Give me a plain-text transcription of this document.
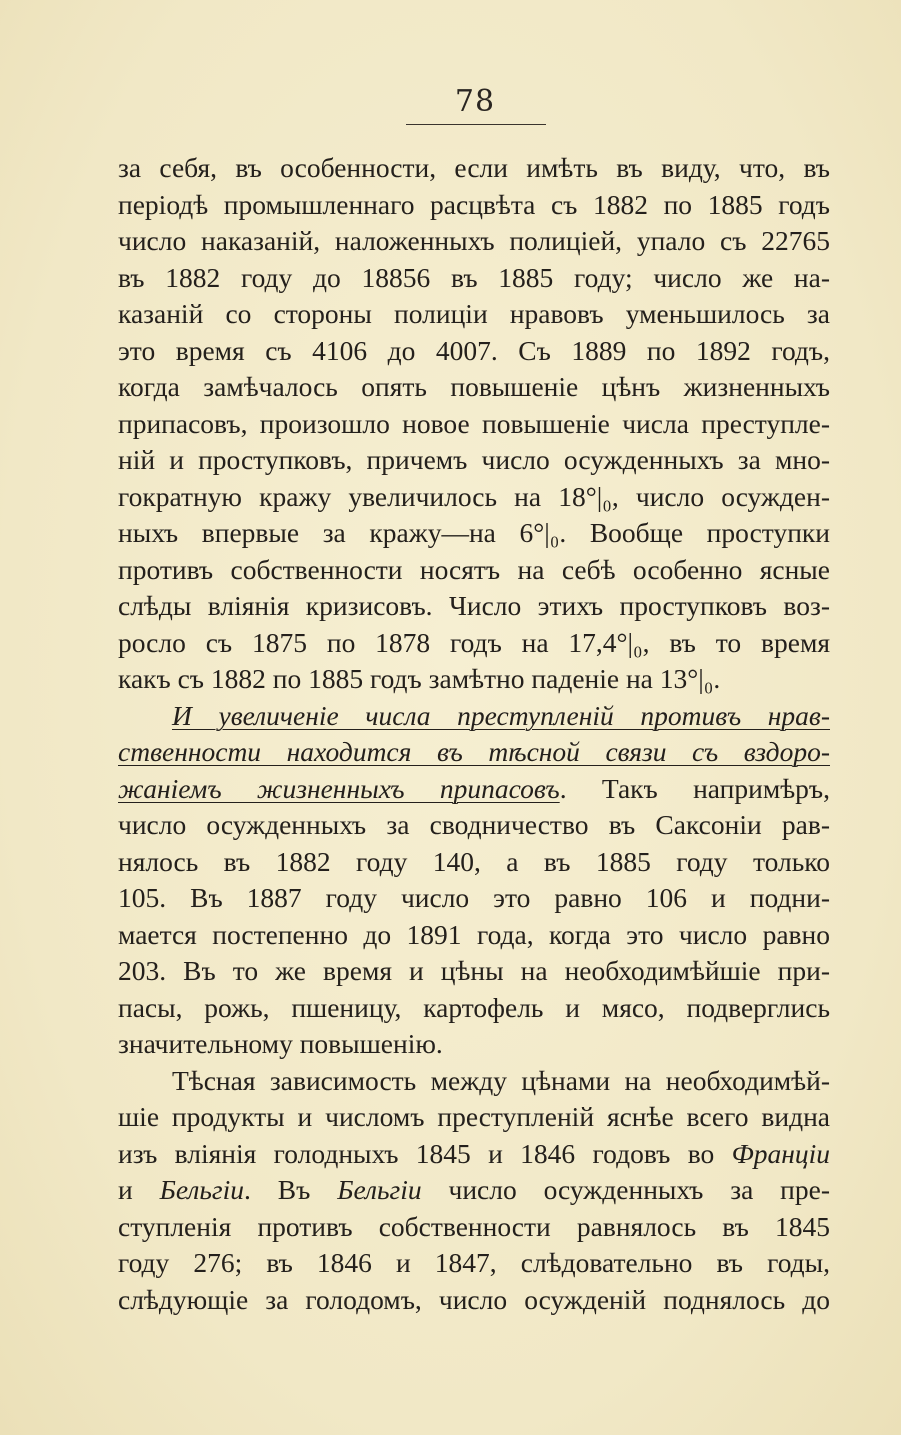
78
за себя, въ особенности, если имѣть въ виду, что, въ
періодѣ промышленнаго расцвѣта съ 1882 по 1885 годъ
число наказаній, наложенныхъ полиціей, упало съ 22765
въ 1882 году до 18856 въ 1885 году; число же на-
казаній со стороны полиціи нравовъ уменьшилось за
это время съ 4106 до 4007. Съ 1889 по 1892 годъ,
когда замѣчалось опять повышеніе цѣнъ жизненныхъ
припасовъ, произошло новое повышеніе числа преступле-
ній и проступковъ, причемъ число осужденныхъ за мно-
гократную кражу увеличилось на 18°|₀, число осужден-
ныхъ впервые за кражу—на 6°|₀. Вообще проступки
противъ собственности носятъ на себѣ особенно ясные
слѣды вліянія кризисовъ. Число этихъ проступковъ воз-
росло съ 1875 по 1878 годъ на 17,4°|₀, въ то время
какъ съ 1882 по 1885 годъ замѣтно паденіе на 13°|₀.
И увеличеніе числа преступленій противъ нрав-
ственности находится въ тѣсной связи съ вздоро-
жаніемъ жизненныхъ припасовъ. Такъ напримѣръ,
число осужденныхъ за сводничество въ Саксоніи рав-
нялось въ 1882 году 140, а въ 1885 году только
105. Въ 1887 году число это равно 106 и подни-
мается постепенно до 1891 года, когда это число равно
203. Въ то же время и цѣны на необходимѣйшіе при-
пасы, рожь, пшеницу, картофель и мясо, подверглись
значительному повышенію.
Тѣсная зависимость между цѣнами на необходимѣй-
шіе продукты и числомъ преступленій яснѣе всего видна
изъ вліянія голодныхъ 1845 и 1846 годовъ во Франціи
и Бельгіи. Въ Бельгіи число осужденныхъ за пре-
ступленія противъ собственности равнялось въ 1845
году 276; въ 1846 и 1847, слѣдовательно въ годы,
слѣдующіе за голодомъ, число осужденій поднялось до
